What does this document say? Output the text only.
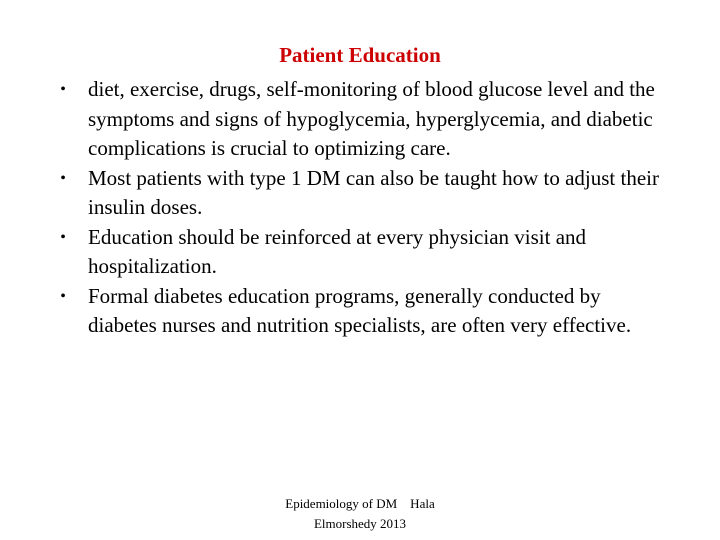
Patient Education
• diet, exercise, drugs, self-monitoring of blood glucose level and the symptoms and signs of hypoglycemia, hyperglycemia, and diabetic complications is crucial to optimizing care.
• Most patients with type 1 DM can also be taught how to adjust their insulin doses.
• Education should be reinforced at every physician visit and hospitalization.
• Formal diabetes education programs, generally conducted by diabetes nurses and nutrition specialists, are often very effective.
Epidemiology of DM    Hala
Elmorshedy 2013
